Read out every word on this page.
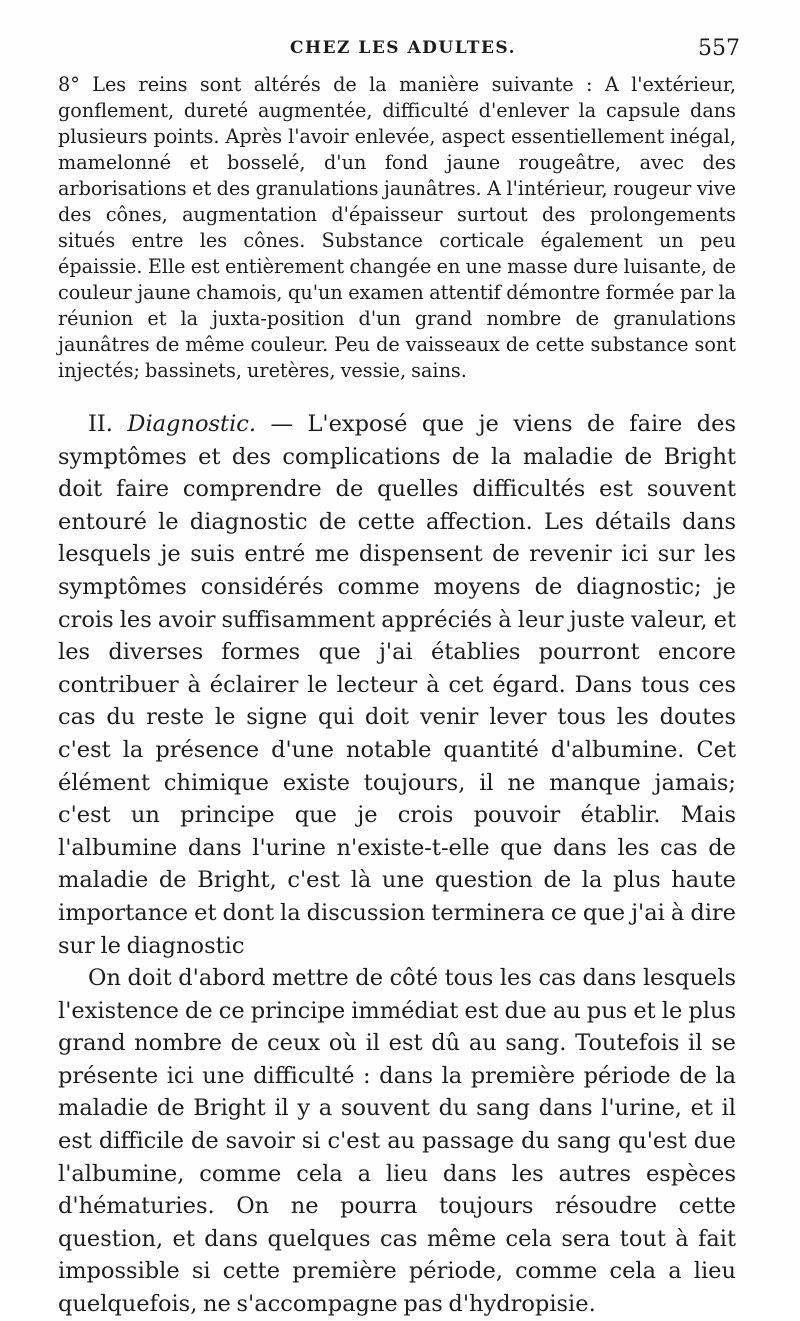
CHEZ LES ADULTES.	557

8° Les reins sont altérés de la manière suivante : A l'extérieur, gonflement, dureté augmentée, difficulté d'enlever la capsule dans plusieurs points. Après l'avoir enlevée, aspect essentiellement inégal, mamelonné et bosselé, d'un fond jaune rougeâtre, avec des arborisations et des granulations jaunâtres. A l'intérieur, rougeur vive des cônes, augmentation d'épaisseur surtout des prolongements situés entre les cônes. Substance corticale également un peu épaissie. Elle est entièrement changée en une masse dure luisante, de couleur jaune chamois, qu'un examen attentif démontre formée par la réunion et la juxta-position d'un grand nombre de granulations jaunâtres de même couleur. Peu de vaisseaux de cette substance sont injectés; bassinets, uretères, vessie, sains.

II. Diagnostic. — L'exposé que je viens de faire des symptômes et des complications de la maladie de Bright doit faire comprendre de quelles difficultés est souvent entouré le diagnostic de cette affection. Les détails dans lesquels je suis entré me dispensent de revenir ici sur les symptômes considérés comme moyens de diagnostic; je crois les avoir suffisamment appréciés à leur juste valeur, et les diverses formes que j'ai établies pourront encore contribuer à éclairer le lecteur à cet égard. Dans tous ces cas du reste le signe qui doit venir lever tous les doutes c'est la présence d'une notable quantité d'albumine. Cet élément chimique existe toujours, il ne manque jamais; c'est un principe que je crois pouvoir établir. Mais l'albumine dans l'urine n'existe-t-elle que dans les cas de maladie de Bright, c'est là une question de la plus haute importance et dont la discussion terminera ce que j'ai à dire sur le diagnostic

On doit d'abord mettre de côté tous les cas dans lesquels l'existence de ce principe immédiat est due au pus et le plus grand nombre de ceux où il est dû au sang. Toutefois il se présente ici une difficulté : dans la première période de la maladie de Bright il y a souvent du sang dans l'urine, et il est difficile de savoir si c'est au passage du sang qu'est due l'albumine, comme cela a lieu dans les autres espèces d'hématuries. On ne pourra toujours résoudre cette question, et dans quelques cas même cela sera tout à fait impossible si cette première période, comme cela a lieu quelquefois, ne s'accompagne pas d'hydropisie.
